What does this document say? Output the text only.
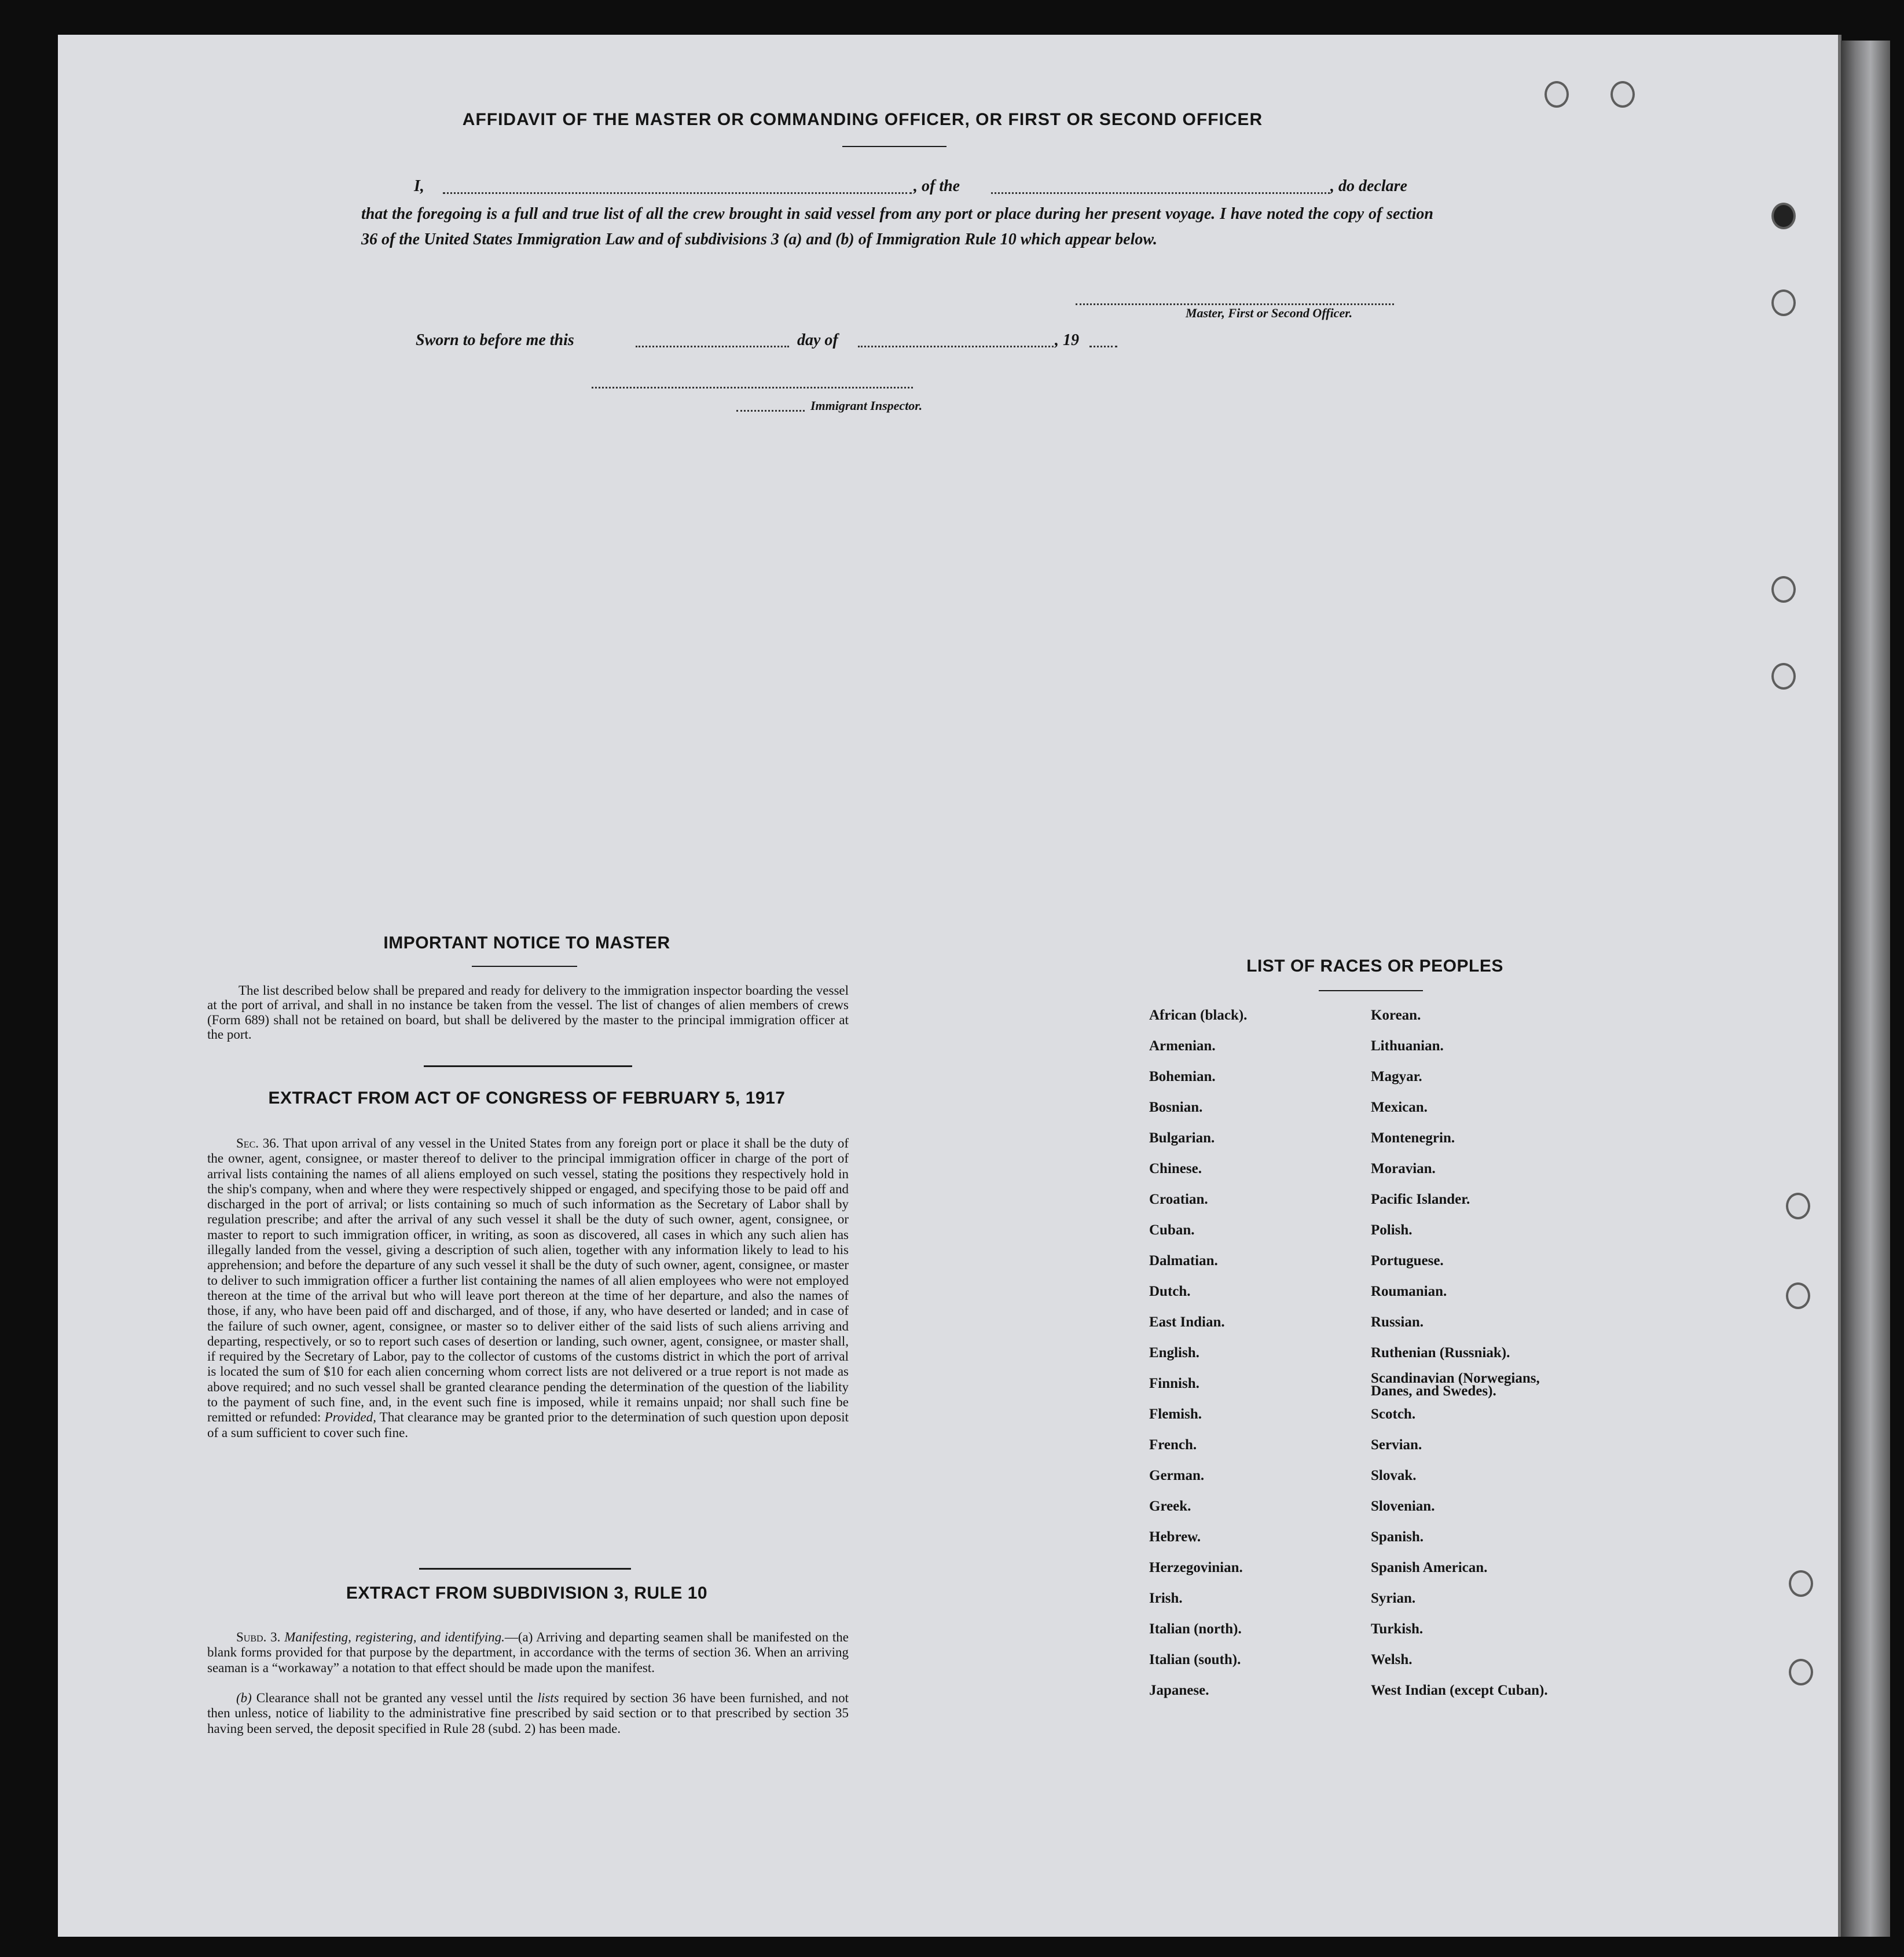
AFFIDAVIT OF THE MASTER OR COMMANDING OFFICER, OR FIRST OR SECOND OFFICER
I,	, of the	, do declare
that the foregoing is a full and true list of all the crew brought in said vessel from any port or place during her present voyage. I have noted the copy of section 36 of the United States Immigration Law and of subdivisions 3 (a) and (b) of Immigration Rule 10 which appear below.
Master, First or Second Officer.
Sworn to before me this	day of	, 19
Immigrant Inspector.
IMPORTANT NOTICE TO MASTER
The list described below shall be prepared and ready for delivery to the immigration inspector boarding the vessel at the port of arrival, and shall in no instance be taken from the vessel. The list of changes of alien members of crews (Form 689) shall not be retained on board, but shall be delivered by the master to the principal immigration officer at the port.
EXTRACT FROM ACT OF CONGRESS OF FEBRUARY 5, 1917
Sec. 36. That upon arrival of any vessel in the United States from any foreign port or place it shall be the duty of the owner, agent, consignee, or master thereof to deliver to the principal immigration officer in charge of the port of arrival lists containing the names of all aliens employed on such vessel, stating the positions they respectively hold in the ship's company, when and where they were respectively shipped or engaged, and specifying those to be paid off and discharged in the port of arrival; or lists containing so much of such information as the Secretary of Labor shall by regulation prescribe; and after the arrival of any such vessel it shall be the duty of such owner, agent, consignee, or master to report to such immigration officer, in writing, as soon as discovered, all cases in which any such alien has illegally landed from the vessel, giving a description of such alien, together with any information likely to lead to his apprehension; and before the departure of any such vessel it shall be the duty of such owner, agent, consignee, or master to deliver to such immigration officer a further list containing the names of all alien employees who were not employed thereon at the time of the arrival but who will leave port thereon at the time of her departure, and also the names of those, if any, who have been paid off and discharged, and of those, if any, who have deserted or landed; and in case of the failure of such owner, agent, consignee, or master so to deliver either of the said lists of such aliens arriving and departing, respectively, or so to report such cases of desertion or landing, such owner, agent, consignee, or master shall, if required by the Secretary of Labor, pay to the collector of customs of the customs district in which the port of arrival is located the sum of $10 for each alien concerning whom correct lists are not delivered or a true report is not made as above required; and no such vessel shall be granted clearance pending the determination of the question of the liability to the payment of such fine, and, in the event such fine is imposed, while it remains unpaid; nor shall such fine be remitted or refunded: Provided, That clearance may be granted prior to the determination of such question upon deposit of a sum sufficient to cover such fine.
EXTRACT FROM SUBDIVISION 3, RULE 10
Subd. 3. Manifesting, registering, and identifying.—(a) Arriving and departing seamen shall be manifested on the blank forms provided for that purpose by the department, in accordance with the terms of section 36. When an arriving seaman is a “workaway” a notation to that effect should be made upon the manifest.
(b) Clearance shall not be granted any vessel until the lists required by section 36 have been furnished, and not then unless, notice of liability to the administrative fine prescribed by said section or to that prescribed by section 35 having been served, the deposit specified in Rule 28 (subd. 2) has been made.
LIST OF RACES OR PEOPLES
African (black).
Armenian.
Bohemian.
Bosnian.
Bulgarian.
Chinese.
Croatian.
Cuban.
Dalmatian.
Dutch.
East Indian.
English.
Finnish.
Flemish.
French.
German.
Greek.
Hebrew.
Herzegovinian.
Irish.
Italian (north).
Italian (south).
Japanese.
Korean.
Lithuanian.
Magyar.
Mexican.
Montenegrin.
Moravian.
Pacific Islander.
Polish.
Portuguese.
Roumanian.
Russian.
Ruthenian (Russniak).
Scandinavian (Norwegians, Danes, and Swedes).
Scotch.
Servian.
Slovak.
Slovenian.
Spanish.
Spanish American.
Syrian.
Turkish.
Welsh.
West Indian (except Cuban).
